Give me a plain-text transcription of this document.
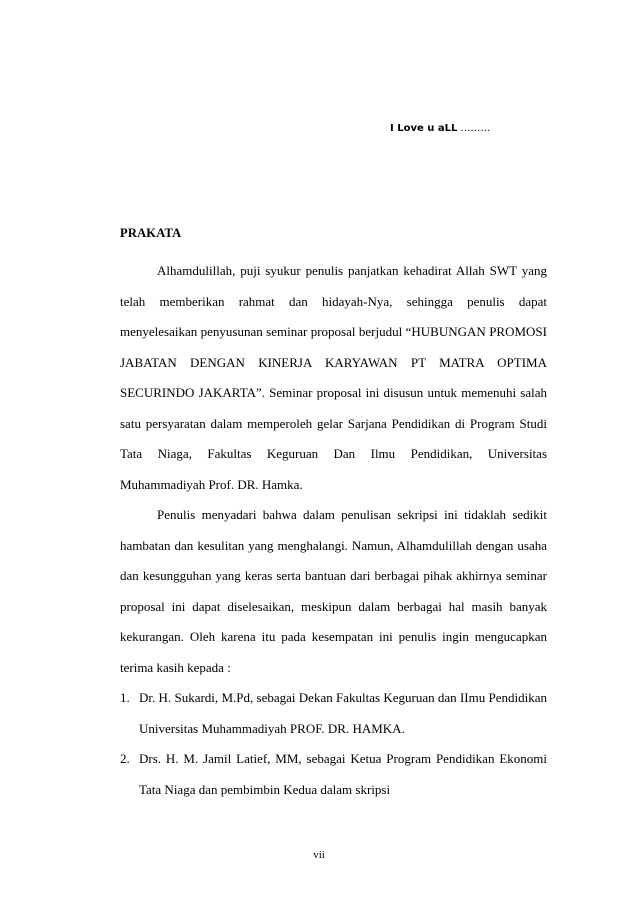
I Love u aLL ………
PRAKATA

Alhamdulillah, puji syukur penulis panjatkan kehadirat Allah SWT yang telah memberikan rahmat dan hidayah-Nya, sehingga penulis dapat menyelesaikan penyusunan seminar proposal berjudul “HUBUNGAN PROMOSI JABATAN DENGAN KINERJA KARYAWAN PT MATRA OPTIMA SECURINDO JAKARTA”. Seminar proposal ini disusun untuk memenuhi salah satu persyaratan dalam memperoleh gelar Sarjana Pendidikan di Program Studi Tata Niaga, Fakultas Keguruan Dan Ilmu Pendidikan, Universitas Muhammadiyah Prof. DR. Hamka.

Penulis menyadari bahwa dalam penulisan sekripsi ini tidaklah sedikit hambatan dan kesulitan yang menghalangi. Namun, Alhamdulillah dengan usaha dan kesungguhan yang keras serta bantuan dari berbagai pihak akhirnya seminar proposal ini dapat diselesaikan, meskipun dalam berbagai hal masih banyak kekurangan. Oleh karena itu pada kesempatan ini penulis ingin mengucapkan terima kasih kepada :

1. Dr. H. Sukardi, M.Pd, sebagai Dekan Fakultas Keguruan dan IImu Pendidikan Universitas Muhammadiyah PROF. DR. HAMKA.
2. Drs. H. M. Jamil Latief, MM, sebagai Ketua Program Pendidikan Ekonomi Tata Niaga dan pembimbin Kedua dalam skripsi
vii
